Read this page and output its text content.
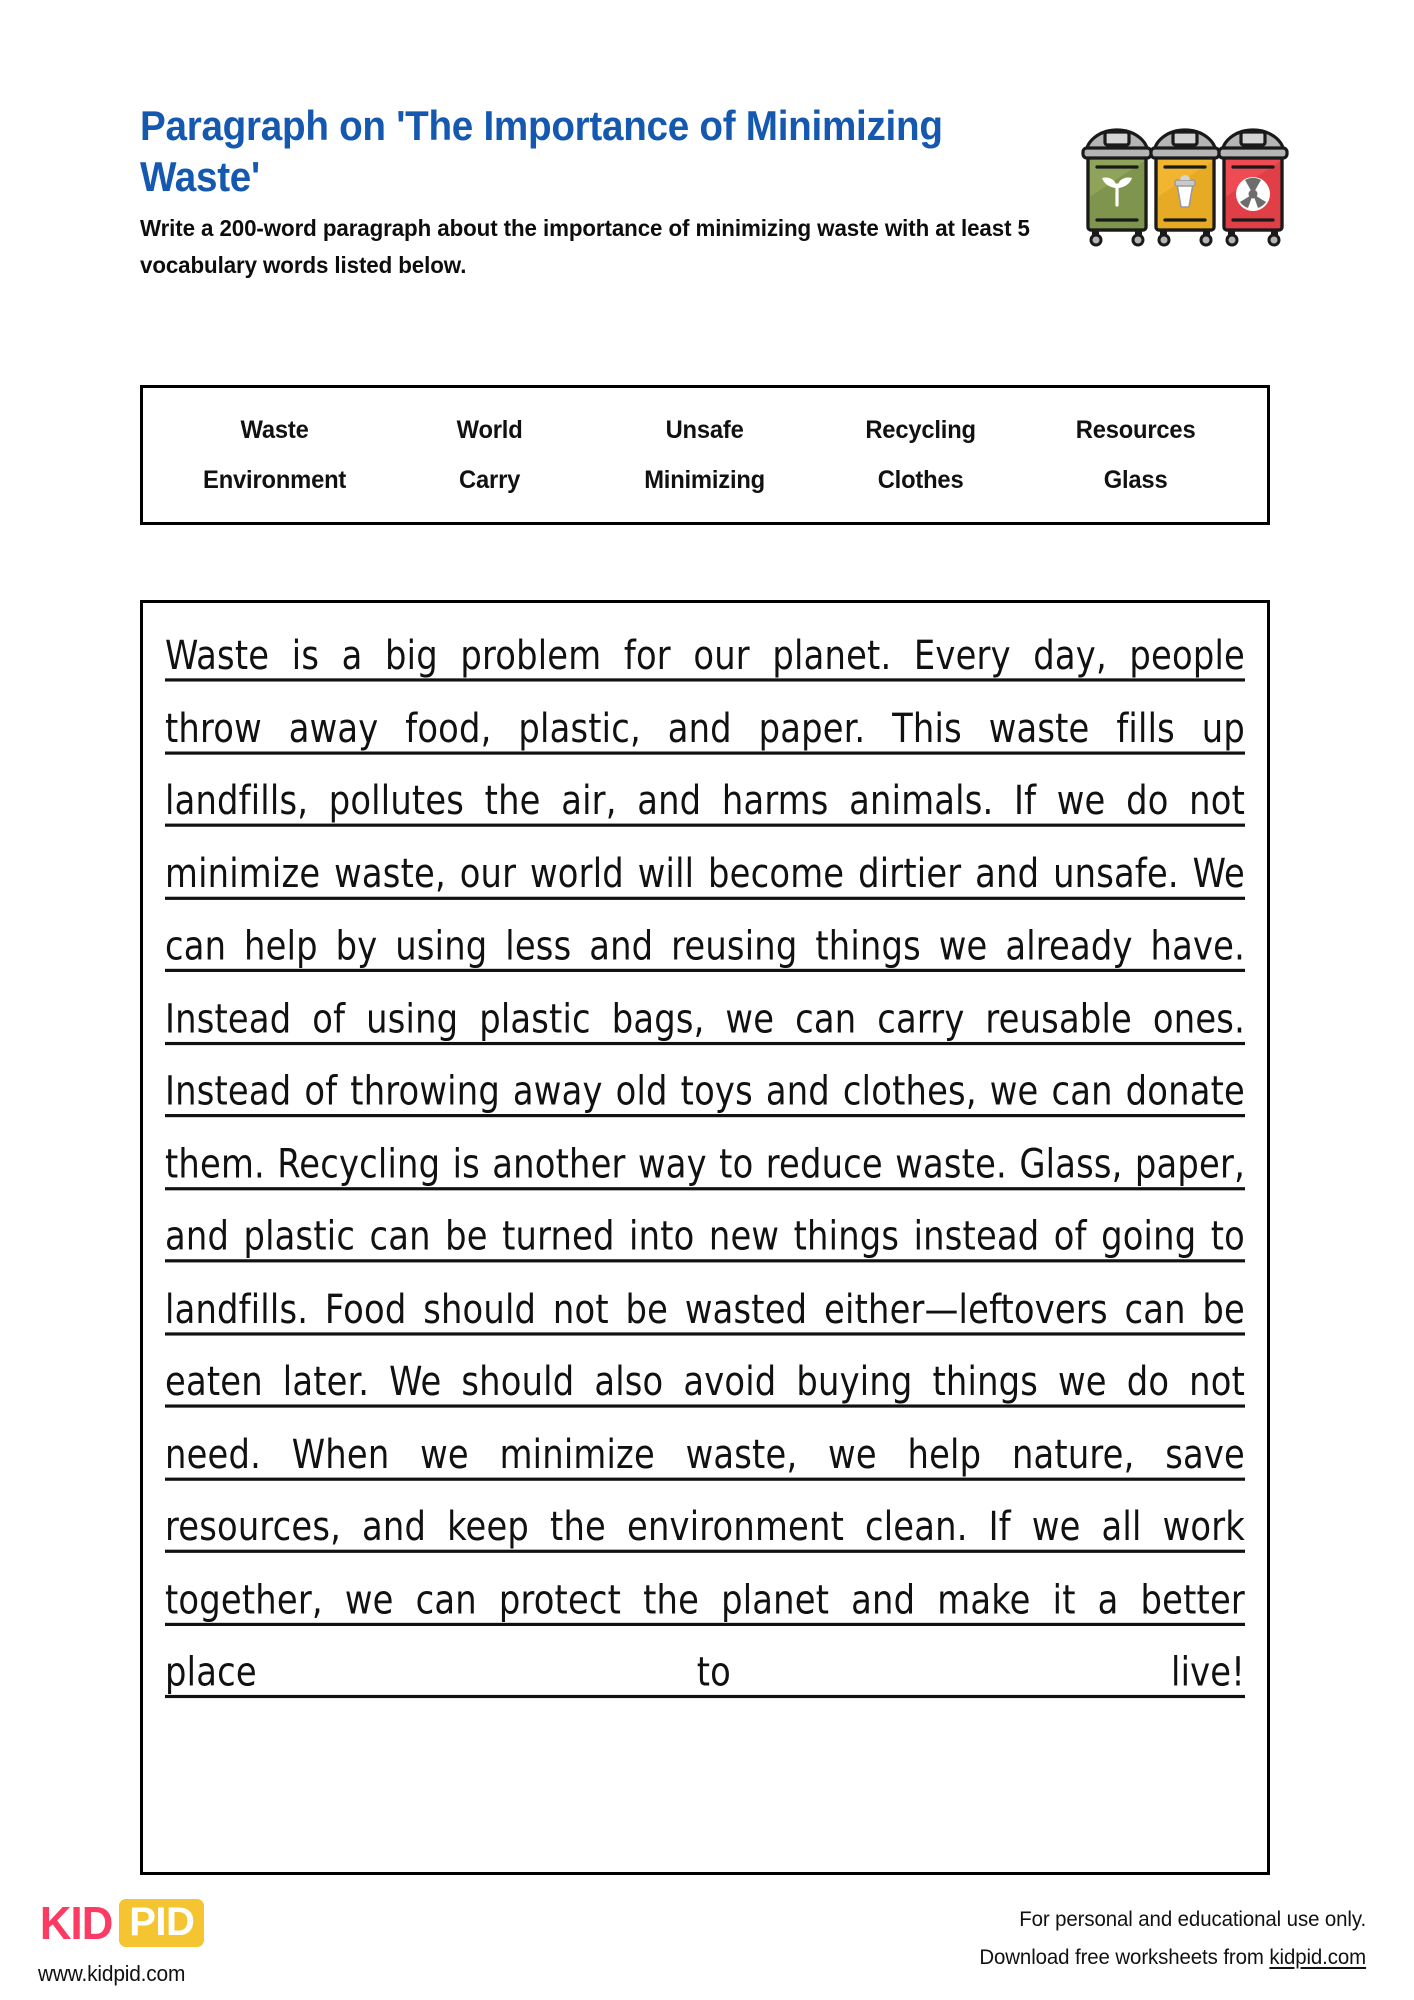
Paragraph on 'The Importance of Minimizing Waste'
Write a 200-word paragraph about the importance of minimizing waste with at least 5 vocabulary words listed below.
Waste	World	Unsafe	Recycling	Resources
Environment	Carry	Minimizing	Clothes	Glass
Waste is a big problem for our planet. Every day, people throw away food, plastic, and paper. This waste fills up landfills, pollutes the air, and harms animals. If we do not minimize waste, our world will become dirtier and unsafe. We can help by using less and reusing things we already have. Instead of using plastic bags, we can carry reusable ones. Instead of throwing away old toys and clothes, we can donate them. Recycling is another way to reduce waste. Glass, paper, and plastic can be turned into new things instead of going to landfills. Food should not be wasted either—leftovers can be eaten later. We should also avoid buying things we do not need. When we minimize waste, we help nature, save resources, and keep the environment clean. If we all work together, we can protect the planet and make it a better place to live!
KID PID
www.kidpid.com
For personal and educational use only.
Download free worksheets from kidpid.com
